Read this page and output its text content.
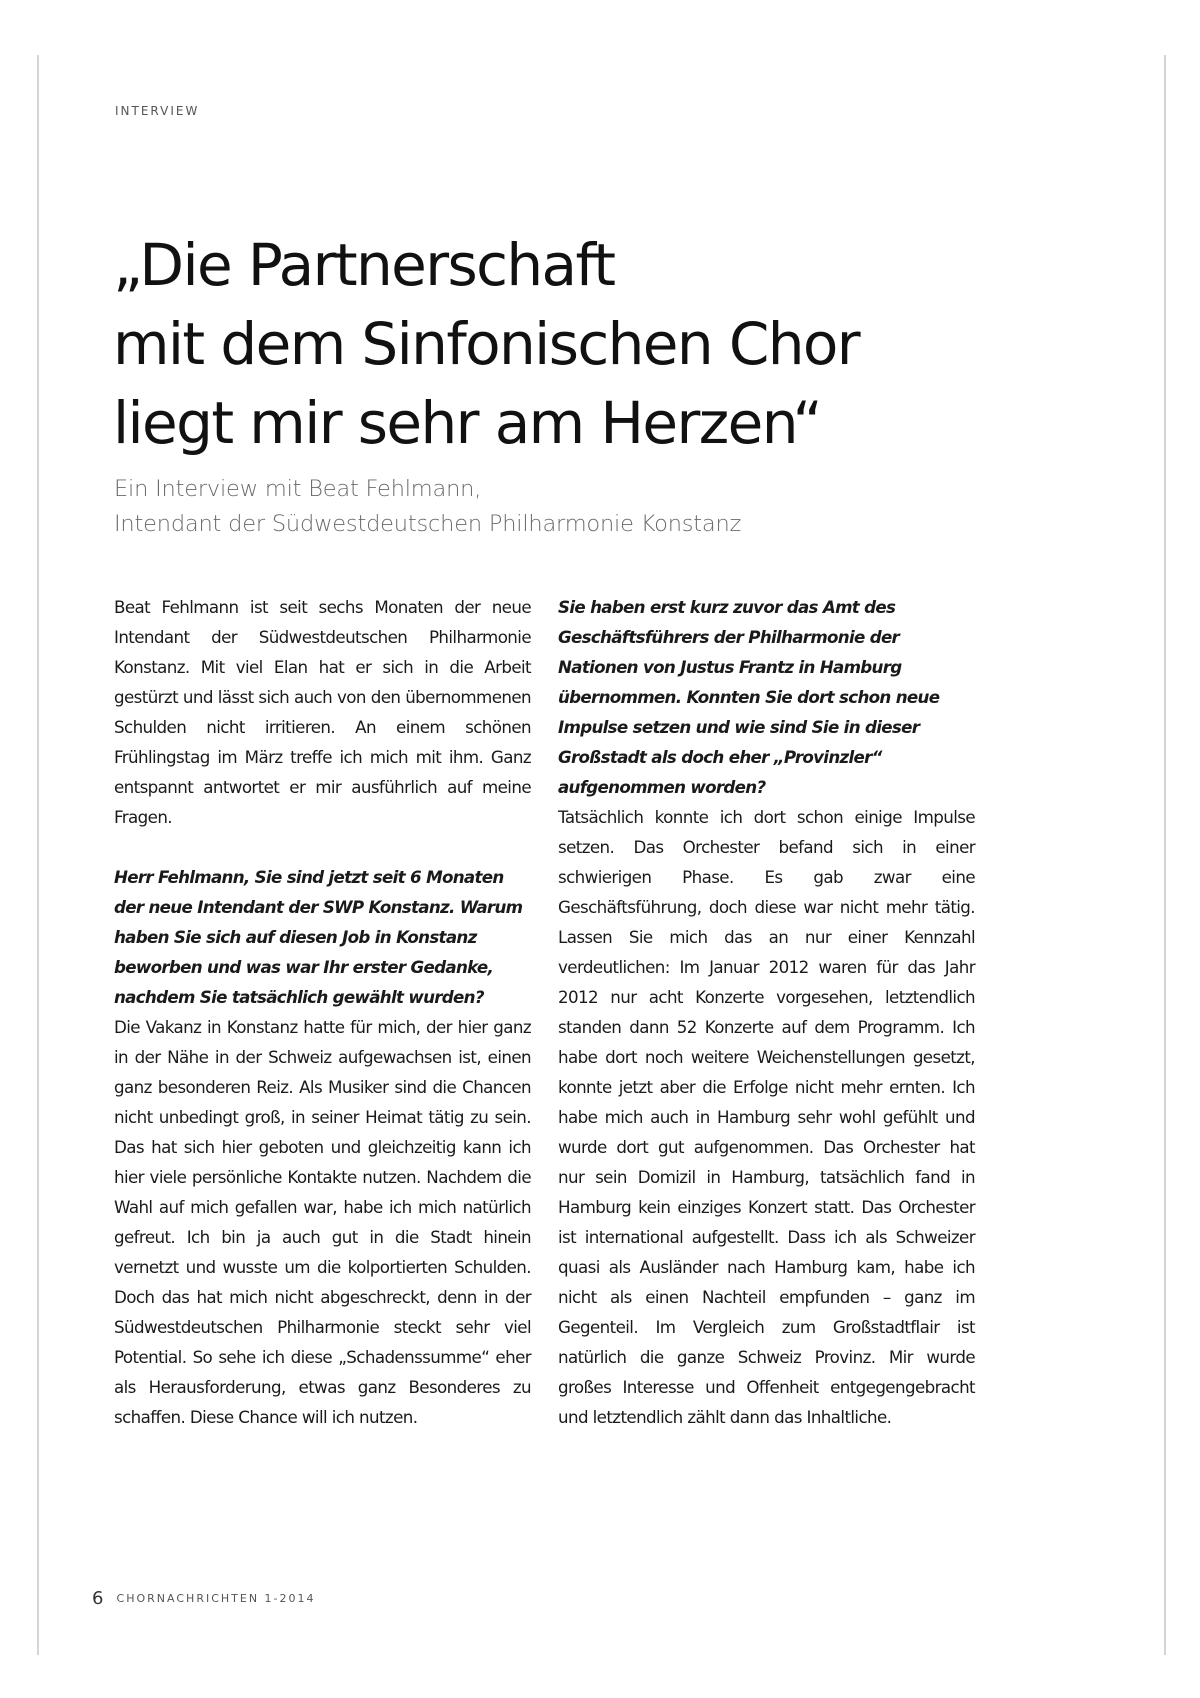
INTERVIEW
„Die Partnerschaft
mit dem Sinfonischen Chor
liegt mir sehr am Herzen“
Ein Interview mit Beat Fehlmann,
Intendant der Südwestdeutschen Philharmonie Konstanz

Beat Fehlmann ist seit sechs Monaten der neue Intendant der Südwestdeutschen Philharmonie Konstanz. Mit viel Elan hat er sich in die Arbeit gestürzt und lässt sich auch von den übernommenen Schulden nicht irritieren. An einem schönen Frühlingstag im März treffe ich mich mit ihm. Ganz entspannt antwortet er mir ausführlich auf meine Fragen.

Herr Fehlmann, Sie sind jetzt seit 6 Monaten der neue Intendant der SWP Konstanz. Warum haben Sie sich auf diesen Job in Konstanz beworben und was war Ihr erster Gedanke, nachdem Sie tatsächlich gewählt wurden?

Die Vakanz in Konstanz hatte für mich, der hier ganz in der Nähe in der Schweiz aufgewachsen ist, einen ganz besonderen Reiz. Als Musiker sind die Chancen nicht unbedingt groß, in seiner Heimat tätig zu sein. Das hat sich hier geboten und gleichzeitig kann ich hier viele persönliche Kontakte nutzen. Nachdem die Wahl auf mich gefallen war, habe ich mich natürlich gefreut. Ich bin ja auch gut in die Stadt hinein vernetzt und wusste um die kolportierten Schulden. Doch das hat mich nicht abgeschreckt, denn in der Südwestdeutschen Philharmonie steckt sehr viel Potential. So sehe ich diese „Schadenssumme“ eher als Herausforderung, etwas ganz Besonderes zu schaffen. Diese Chance will ich nutzen.

Sie haben erst kurz zuvor das Amt des Geschäftsführers der Philharmonie der Nationen von Justus Frantz in Hamburg übernommen. Konnten Sie dort schon neue Impulse setzen und wie sind Sie in dieser Großstadt als doch eher „Provinzler“ aufgenommen worden?

Tatsächlich konnte ich dort schon einige Impulse setzen. Das Orchester befand sich in einer schwierigen Phase. Es gab zwar eine Geschäftsführung, doch diese war nicht mehr tätig. Lassen Sie mich das an nur einer Kennzahl verdeutlichen: Im Januar 2012 waren für das Jahr 2012 nur acht Konzerte vorgesehen, letztendlich standen dann 52 Konzerte auf dem Programm. Ich habe dort noch weitere Weichenstellungen gesetzt, konnte jetzt aber die Erfolge nicht mehr ernten. Ich habe mich auch in Hamburg sehr wohl gefühlt und wurde dort gut aufgenommen. Das Orchester hat nur sein Domizil in Hamburg, tatsächlich fand in Hamburg kein einziges Konzert statt. Das Orchester ist international aufgestellt. Dass ich als Schweizer quasi als Ausländer nach Hamburg kam, habe ich nicht als einen Nachteil empfunden – ganz im Gegenteil. Im Vergleich zum Großstadtflair ist natürlich die ganze Schweiz Provinz. Mir wurde großes Interesse und Offenheit entgegengebracht und letztendlich zählt dann das Inhaltliche.

6 CHORNACHRICHTEN 1-2014
